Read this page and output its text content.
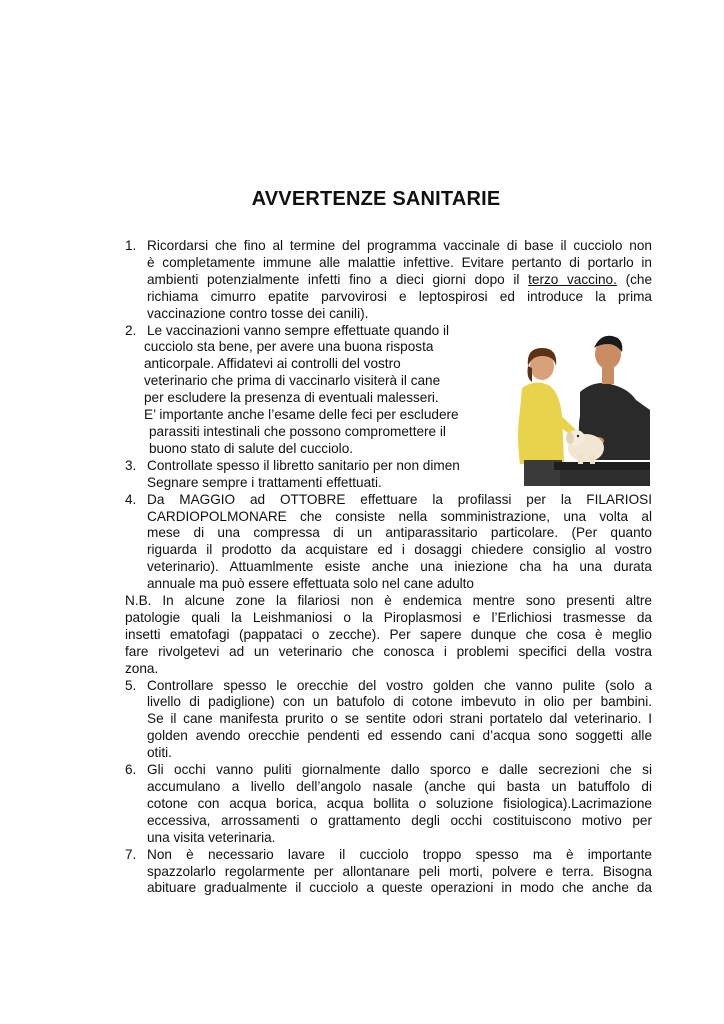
AVVERTENZE SANITARIE
1. Ricordarsi che fino al termine del programma vaccinale di base il cucciolo non
è completamente immune alle malattie infettive. Evitare pertanto di portarlo in
ambienti potenzialmente infetti fino a dieci giorni dopo il terzo vaccino. (che
richiama cimurro epatite parvovirosi e leptospirosi ed introduce la prima
vaccinazione contro tosse dei canili).
2. Le vaccinazioni vanno sempre effettuate quando il
cucciolo sta bene, per avere una buona risposta
anticorpale. Affidatevi ai controlli del vostro
veterinario che prima di vaccinarlo visiterà il cane
per escludere la presenza di eventuali malesseri.
E’ importante anche l’esame delle feci per escludere
parassiti intestinali che possono compromettere il
buono stato di salute del cucciolo.
3. Controllate spesso il libretto sanitario per non dimen
Segnare sempre i trattamenti effettuati.
4. Da MAGGIO ad OTTOBRE effettuare la profilassi per la FILARIOSI
CARDIOPOLMONARE che consiste nella somministrazione, una volta al
mese di una compressa di un antiparassitario particolare. (Per quanto
riguarda il prodotto da acquistare ed i dosaggi chiedere consiglio al vostro
veterinario). Attuamlmente esiste anche una iniezione cha ha una durata
annuale ma può essere effettuata solo nel cane adulto
N.B. In alcune zone la filariosi non è endemica mentre sono presenti altre
patologie quali la Leishmaniosi o la Piroplasmosi e l’Erlichiosi trasmesse da
insetti ematofagi (pappataci o zecche). Per sapere dunque che cosa è meglio
fare rivolgetevi ad un veterinario che conosca i problemi specifici della vostra
zona.
5. Controllare spesso le orecchie del vostro golden che vanno pulite (solo a
livello di padiglione) con un batufolo di cotone imbevuto in olio per bambini.
Se il cane manifesta prurito o se sentite odori strani portatelo dal veterinario. I
golden avendo orecchie pendenti ed essendo cani d’acqua sono soggetti alle
otiti.
6. Gli occhi vanno puliti giornalmente dallo sporco e dalle secrezioni che si
accumulano a livello dell’angolo nasale (anche qui basta un batuffolo di
cotone con acqua borica, acqua bollita o soluzione fisiologica).Lacrimazione
eccessiva, arrossamenti o grattamento degli occhi costituiscono motivo per
una visita veterinaria.
7. Non è necessario lavare il cucciolo troppo spesso ma è importante
spazzolarlo regolarmente per allontanare peli morti, polvere e terra. Bisogna
abituare gradualmente il cucciolo a queste operazioni in modo che anche da
